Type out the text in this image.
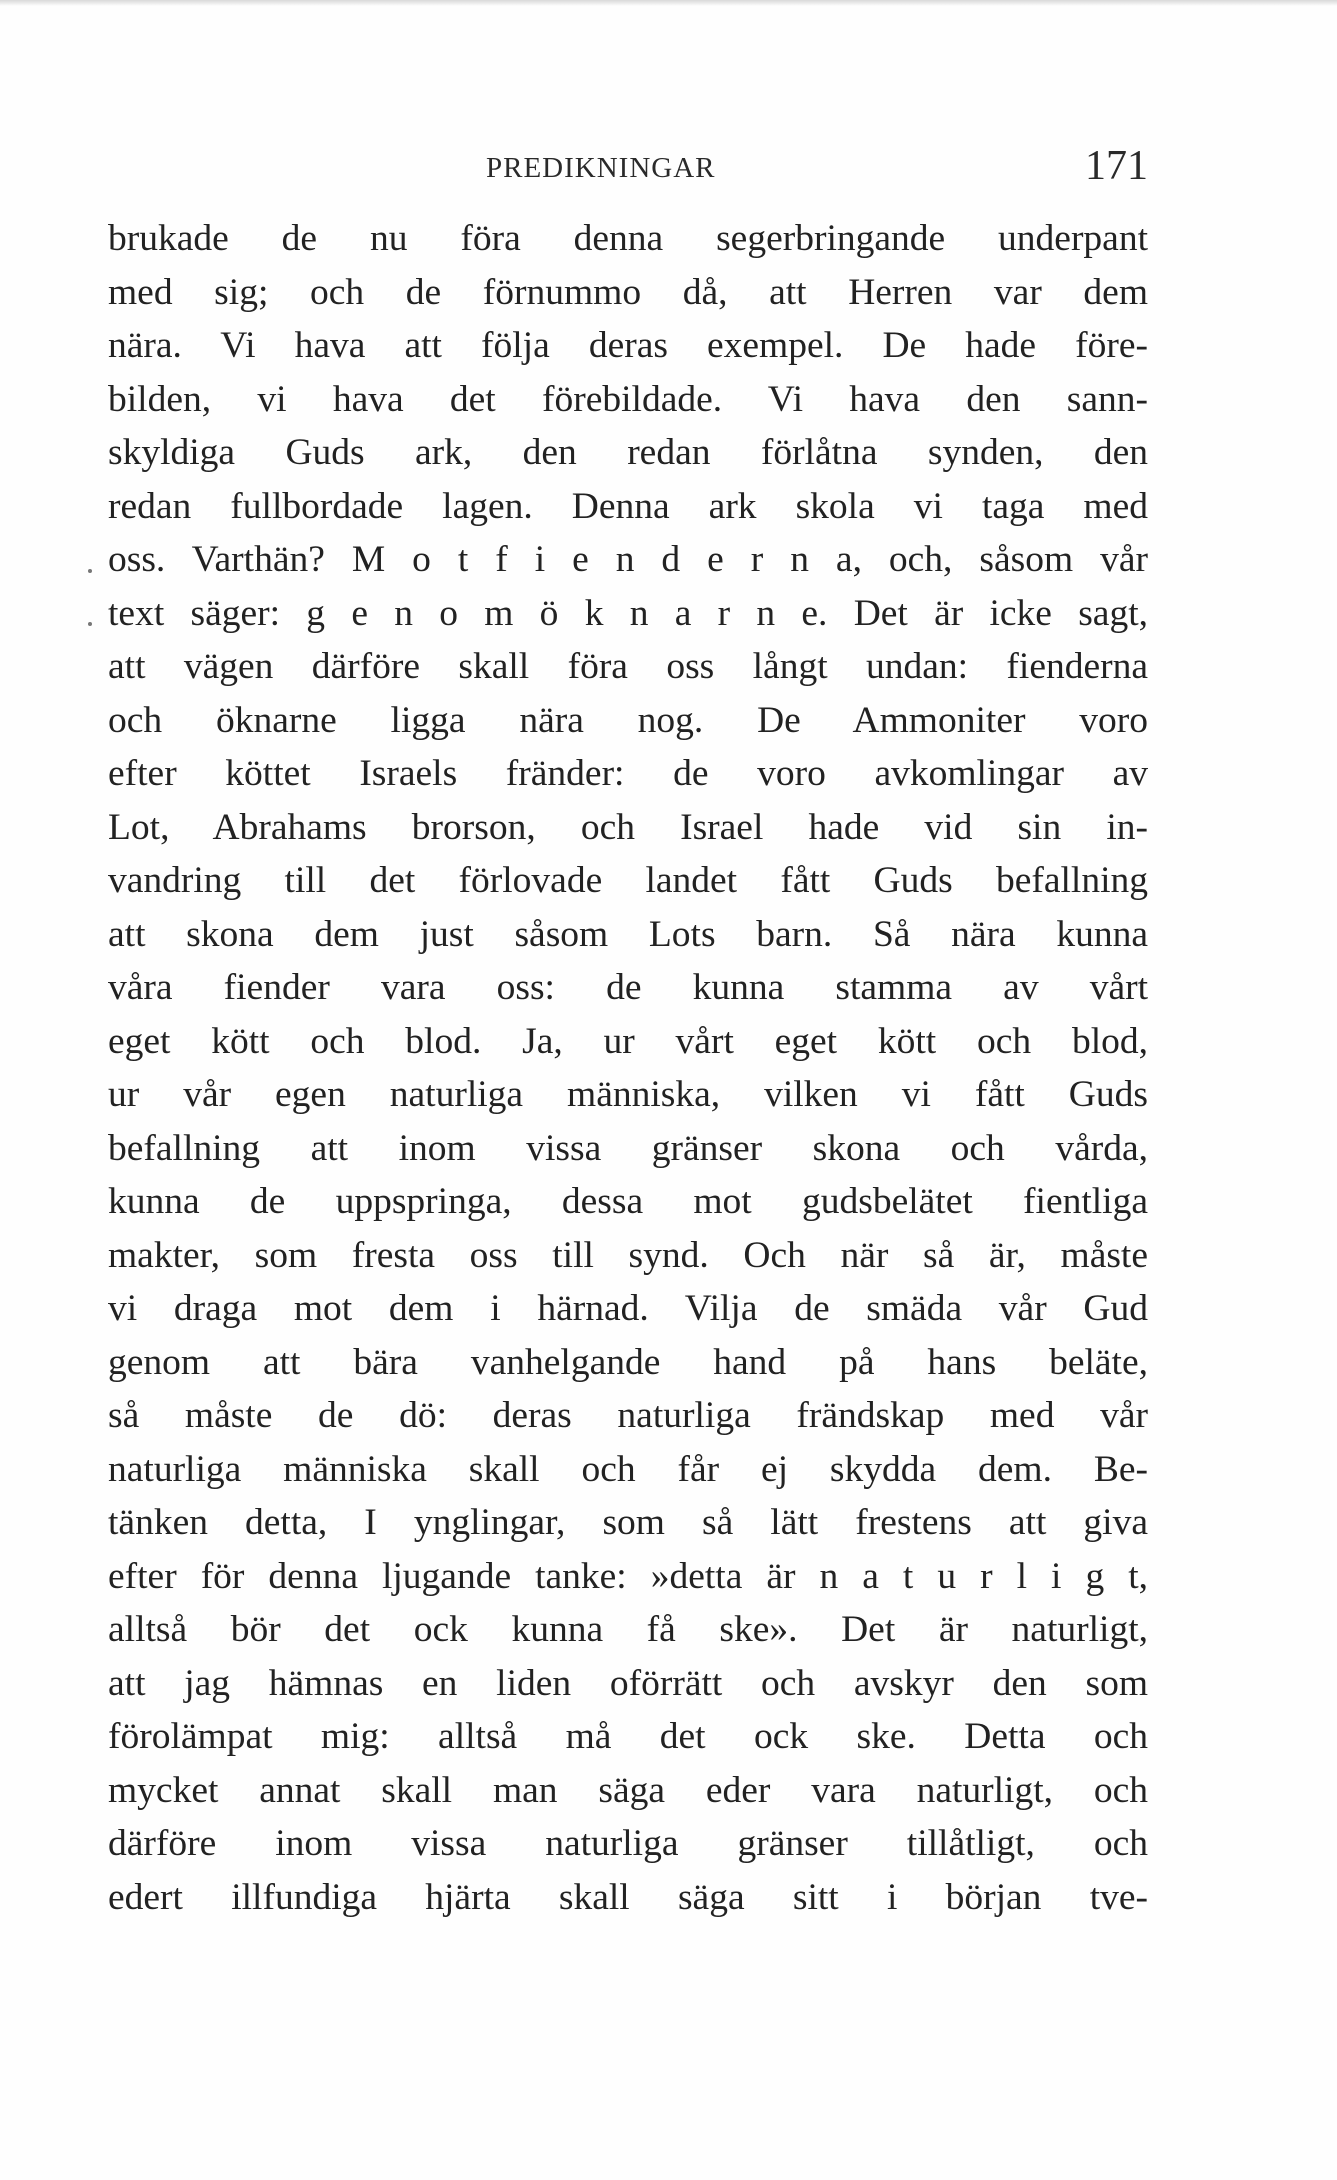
PREDIKNINGAR	171
brukade de nu föra denna segerbringande underpant
med sig; och de förnummo då, att Herren var dem
nära. Vi hava att följa deras exempel. De hade före-
bilden, vi hava det förebildade. Vi hava den sann-
skyldiga Guds ark, den redan förlåtna synden, den
redan fullbordade lagen. Denna ark skola vi taga med
oss. Varthän? M o t f i e n d e r n a, och, såsom vår
text säger: g e n o m ö k n a r n e. Det är icke sagt,
att vägen därföre skall föra oss långt undan: fienderna
och öknarne ligga nära nog. De Ammoniter voro
efter köttet Israels fränder: de voro avkomlingar av
Lot, Abrahams brorson, och Israel hade vid sin in-
vandring till det förlovade landet fått Guds befallning
att skona dem just såsom Lots barn. Så nära kunna
våra fiender vara oss: de kunna stamma av vårt
eget kött och blod. Ja, ur vårt eget kött och blod,
ur vår egen naturliga människa, vilken vi fått Guds
befallning att inom vissa gränser skona och vårda,
kunna de uppspringa, dessa mot gudsbelätet fientliga
makter, som fresta oss till synd. Och när så är, måste
vi draga mot dem i härnad. Vilja de smäda vår Gud
genom att bära vanhelgande hand på hans beläte,
så måste de dö: deras naturliga frändskap med vår
naturliga människa skall och får ej skydda dem. Be-
tänken detta, I ynglingar, som så lätt frestens att giva
efter för denna ljugande tanke: »detta är n a t u r l i g t,
alltså bör det ock kunna få ske». Det är naturligt,
att jag hämnas en liden oförrätt och avskyr den som
förolämpat mig: alltså må det ock ske. Detta och
mycket annat skall man säga eder vara naturligt, och
därföre inom vissa naturliga gränser tillåtligt, och
edert illfundiga hjärta skall säga sitt i början tve-
